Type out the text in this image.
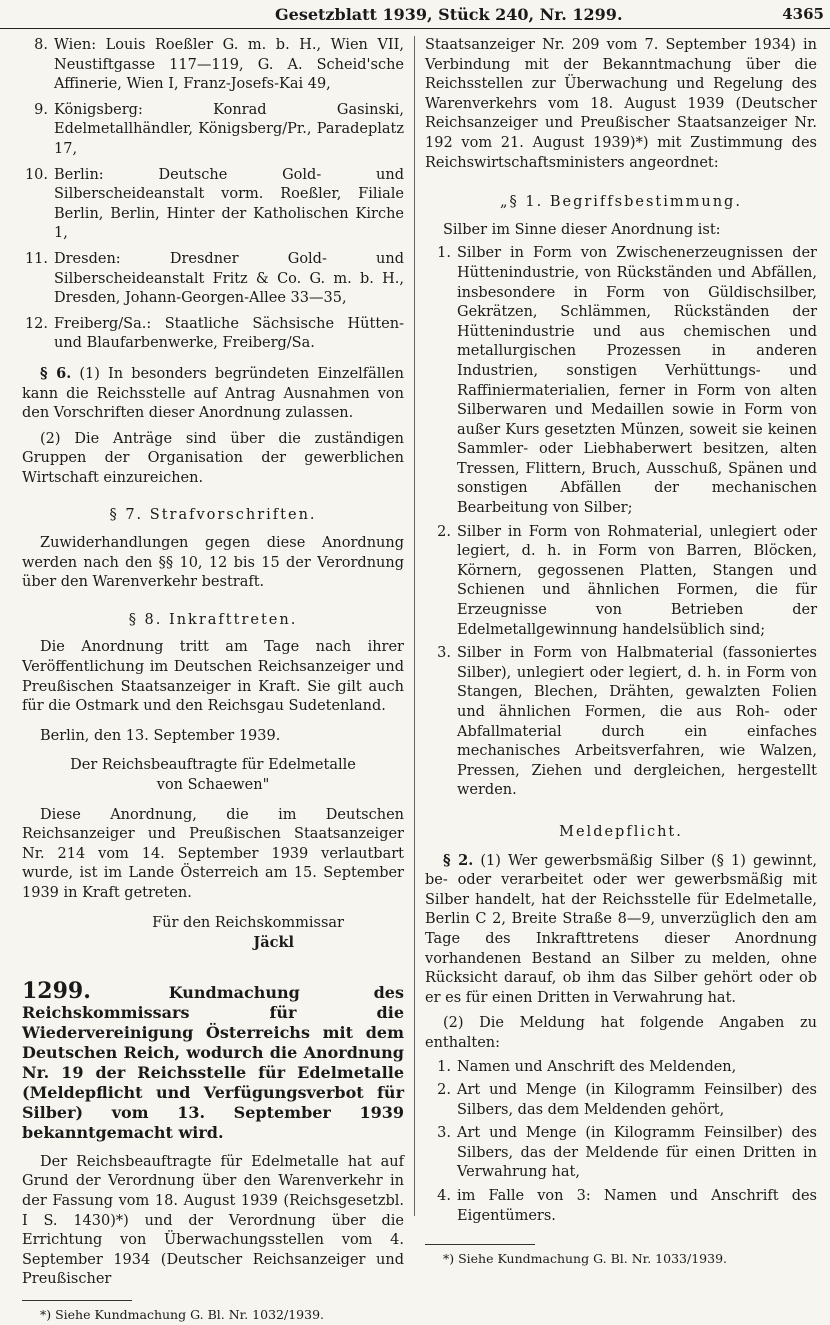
Gesetzblatt 1939, Stück 240, Nr. 1299.	4365
8. Wien: Louis Roeßler G. m. b. H., Wien VII, Neustiftgasse 117—119, G. A. Scheid'sche Affinerie, Wien I, Franz-Josefs-Kai 49,
9. Königsberg: Konrad Gasinski, Edelmetallhändler, Königsberg/Pr., Paradeplatz 17,
10. Berlin: Deutsche Gold- und Silberscheideanstalt vorm. Roeßler, Filiale Berlin, Berlin, Hinter der Katholischen Kirche 1,
11. Dresden: Dresdner Gold- und Silberscheideanstalt Fritz & Co. G. m. b. H., Dresden, Johann-Georgen-Allee 33—35,
12. Freiberg/Sa.: Staatliche Sächsische Hütten- und Blaufarbenwerke, Freiberg/Sa.

§ 6. (1) In besonders begründeten Einzelfällen kann die Reichsstelle auf Antrag Ausnahmen von den Vorschriften dieser Anordnung zulassen.

(2) Die Anträge sind über die zuständigen Gruppen der Organisation der gewerblichen Wirtschaft einzureichen.

§ 7. Strafvorschriften.

Zuwiderhandlungen gegen diese Anordnung werden nach den §§ 10, 12 bis 15 der Verordnung über den Warenverkehr bestraft.

§ 8. Inkrafttreten.

Die Anordnung tritt am Tage nach ihrer Veröffentlichung im Deutschen Reichsanzeiger und Preußischen Staatsanzeiger in Kraft. Sie gilt auch für die Ostmark und den Reichsgau Sudetenland.

Berlin, den 13. September 1939.

Der Reichsbeauftragte für Edelmetalle

von Schaewen"

Diese Anordnung, die im Deutschen Reichsanzeiger und Preußischen Staatsanzeiger Nr. 214 vom 14. September 1939 verlautbart wurde, ist im Lande Österreich am 15. September 1939 in Kraft getreten.

Für den Reichskommissar

Jäckl

1299.	Kundmachung des Reichskommissars für die Wiedervereinigung Österreichs mit dem Deutschen Reich, wodurch die Anordnung Nr. 19 der Reichsstelle für Edelmetalle (Meldepflicht und Verfügungsverbot für Silber) vom 13. September 1939 bekanntgemacht wird.

Der Reichsbeauftragte für Edelmetalle hat auf Grund der Verordnung über den Warenverkehr in der Fassung vom 18. August 1939 (Reichsgesetzbl. I S. 1430)*) und der Verordnung über die Errichtung von Überwachungsstellen vom 4. September 1934 (Deutscher Reichsanzeiger und Preußischer

*) Siehe Kundmachung G. Bl. Nr. 1032/1939.

Staatsanzeiger Nr. 209 vom 7. September 1934) in Verbindung mit der Bekanntmachung über die Reichsstellen zur Überwachung und Regelung des Warenverkehrs vom 18. August 1939 (Deutscher Reichsanzeiger und Preußischer Staatsanzeiger Nr. 192 vom 21. August 1939)*) mit Zustimmung des Reichswirtschaftsministers angeordnet:

„§ 1. Begriffsbestimmung.

Silber im Sinne dieser Anordnung ist:

1. Silber in Form von Zwischenerzeugnissen der Hüttenindustrie, von Rückständen und Abfällen, insbesondere in Form von Güldischsilber, Gekrätzen, Schlämmen, Rückständen der Hüttenindustrie und aus chemischen und metallurgischen Prozessen in anderen Industrien, sonstigen Verhüttungs- und Raffiniermaterialien, ferner in Form von alten Silberwaren und Medaillen sowie in Form von außer Kurs gesetzten Münzen, soweit sie keinen Sammler- oder Liebhaberwert besitzen, alten Tressen, Flittern, Bruch, Ausschuß, Spänen und sonstigen Abfällen der mechanischen Bearbeitung von Silber;
2. Silber in Form von Rohmaterial, unlegiert oder legiert, d. h. in Form von Barren, Blöcken, Körnern, gegossenen Platten, Stangen und Schienen und ähnlichen Formen, die für Erzeugnisse von Betrieben der Edelmetallgewinnung handelsüblich sind;
3. Silber in Form von Halbmaterial (fassoniertes Silber), unlegiert oder legiert, d. h. in Form von Stangen, Blechen, Drähten, gewalzten Folien und ähnlichen Formen, die aus Roh- oder Abfallmaterial durch ein einfaches mechanisches Arbeitsverfahren, wie Walzen, Pressen, Ziehen und dergleichen, hergestellt werden.

Meldepflicht.

§ 2. (1) Wer gewerbsmäßig Silber (§ 1) gewinnt, be- oder verarbeitet oder wer gewerbsmäßig mit Silber handelt, hat der Reichsstelle für Edelmetalle, Berlin C 2, Breite Straße 8—9, unverzüglich den am Tage des Inkrafttretens dieser Anordnung vorhandenen Bestand an Silber zu melden, ohne Rücksicht darauf, ob ihm das Silber gehört oder ob er es für einen Dritten in Verwahrung hat.

(2) Die Meldung hat folgende Angaben zu enthalten:

1. Namen und Anschrift des Meldenden,
2. Art und Menge (in Kilogramm Feinsilber) des Silbers, das dem Meldenden gehört,
3. Art und Menge (in Kilogramm Feinsilber) des Silbers, das der Meldende für einen Dritten in Verwahrung hat,
4. im Falle von 3: Namen und Anschrift des Eigentümers.

*) Siehe Kundmachung G. Bl. Nr. 1033/1939.
